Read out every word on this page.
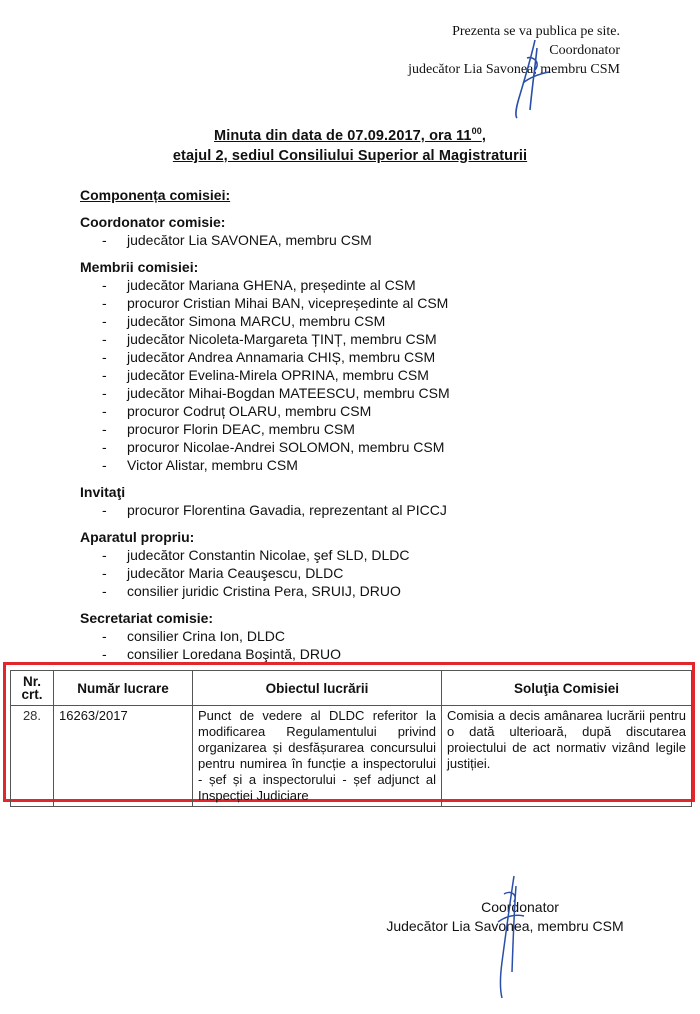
Prezenta se va publica pe site.
Coordonator
judecător Lia Savonea, membru CSM
Minuta din data de 07.09.2017, ora $11^{00}$,
etajul 2, sediul Consiliului Superior al Magistraturii
Componența comisiei:
Coordonator comisie:
- judecător Lia SAVONEA, membru CSM
Membrii comisiei:
- judecător Mariana GHENA, președinte al CSM
- procuror Cristian Mihai BAN, vicepreședinte al CSM
- judecător Simona MARCU, membru CSM
- judecător Nicoleta-Margareta ȚINȚ, membru CSM
- judecător Andrea Annamaria CHIȘ, membru CSM
- judecător Evelina-Mirela OPRINA, membru CSM
- judecător Mihai-Bogdan MATEESCU, membru CSM
- procuror Codruț OLARU, membru CSM
- procuror Florin DEAC, membru CSM
- procuror Nicolae-Andrei SOLOMON, membru CSM
- Victor Alistar, membru CSM
Invitaţi
- procuror Florentina Gavadia, reprezentant al PICCJ
Aparatul propriu:
- judecător Constantin Nicolae, şef SLD, DLDC
- judecător Maria Ceauşescu, DLDC
- consilier juridic Cristina Pera, SRUIJ, DRUO
Secretariat comisie:
- consilier Crina Ion, DLDC
- consilier Loredana Boşintă, DRUO
Nr.
crt.	Număr lucrare	Obiectul lucrării	Soluţia Comisiei
28.	16263/2017	Punct de vedere al DLDC referitor la modificarea Regulamentului privind organizarea și desfășurarea concursului pentru numirea în funcție a inspectorului - șef și a inspectorului - șef adjunct al Inspecției Judiciare	Comisia a decis amânarea lucrării pentru o dată ulterioară, după discutarea proiectului de act normativ vizând legile justiției.
Coordonator
Judecător Lia Savonea, membru CSM
